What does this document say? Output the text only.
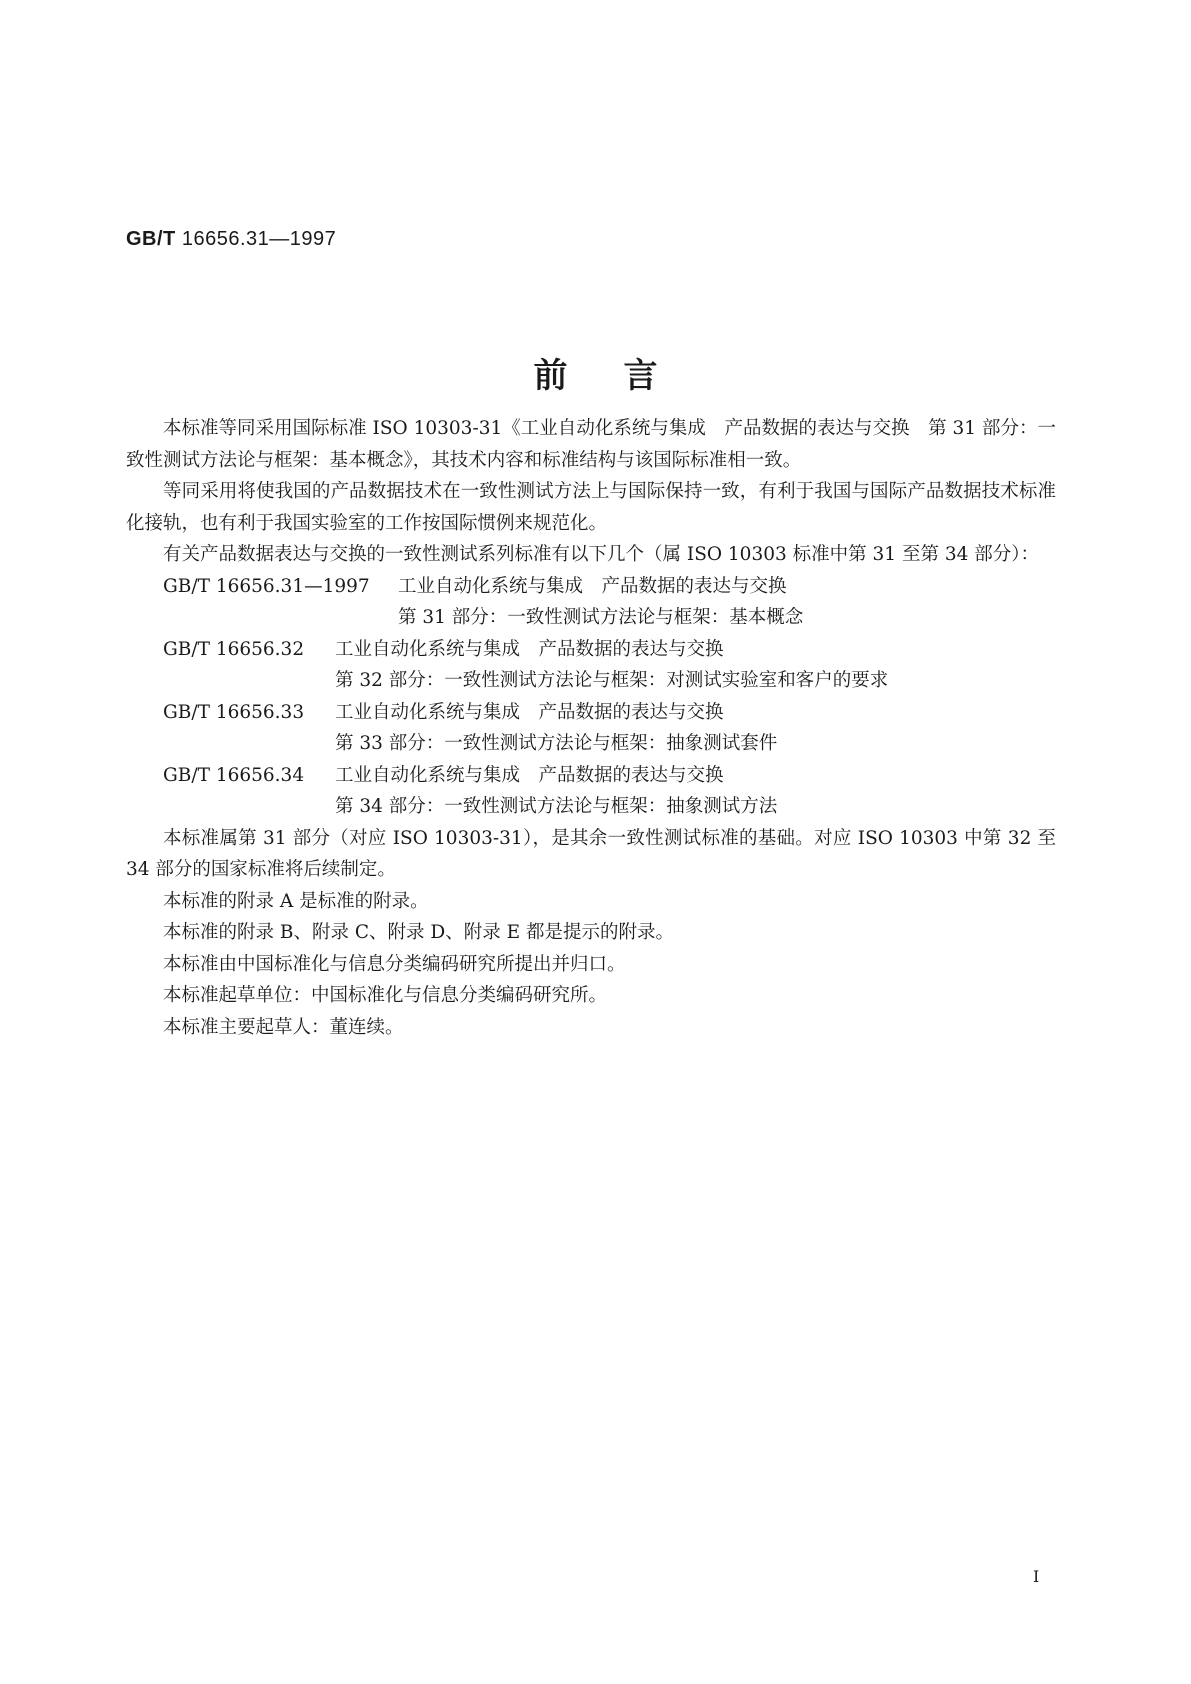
GB/T 16656.31—1997
前言

本标准等同采用国际标准 ISO 10303-31《工业自动化系统与集成　产品数据的表达与交换　第 31 部分：一致性测试方法论与框架：基本概念》，其技术内容和标准结构与该国际标准相一致。

等同采用将使我国的产品数据技术在一致性测试方法上与国际保持一致，有利于我国与国际产品数据技术标准化接轨，也有利于我国实验室的工作按国际惯例来规范化。

有关产品数据表达与交换的一致性测试系列标准有以下几个（属 ISO 10303 标准中第 31 至第 34 部分）：

GB/T 16656.31—1997	工业自动化系统与集成　产品数据的表达与交换
第 31 部分：一致性测试方法论与框架：基本概念
GB/T 16656.32	工业自动化系统与集成　产品数据的表达与交换
第 32 部分：一致性测试方法论与框架：对测试实验室和客户的要求
GB/T 16656.33	工业自动化系统与集成　产品数据的表达与交换
第 33 部分：一致性测试方法论与框架：抽象测试套件
GB/T 16656.34	工业自动化系统与集成　产品数据的表达与交换
第 34 部分：一致性测试方法论与框架：抽象测试方法

本标准属第 31 部分（对应 ISO 10303-31），是其余一致性测试标准的基础。对应 ISO 10303 中第 32 至 34 部分的国家标准将后续制定。

本标准的附录 A 是标准的附录。

本标准的附录 B、附录 C、附录 D、附录 E 都是提示的附录。

本标准由中国标准化与信息分类编码研究所提出并归口。

本标准起草单位：中国标准化与信息分类编码研究所。

本标准主要起草人：董连续。

I
